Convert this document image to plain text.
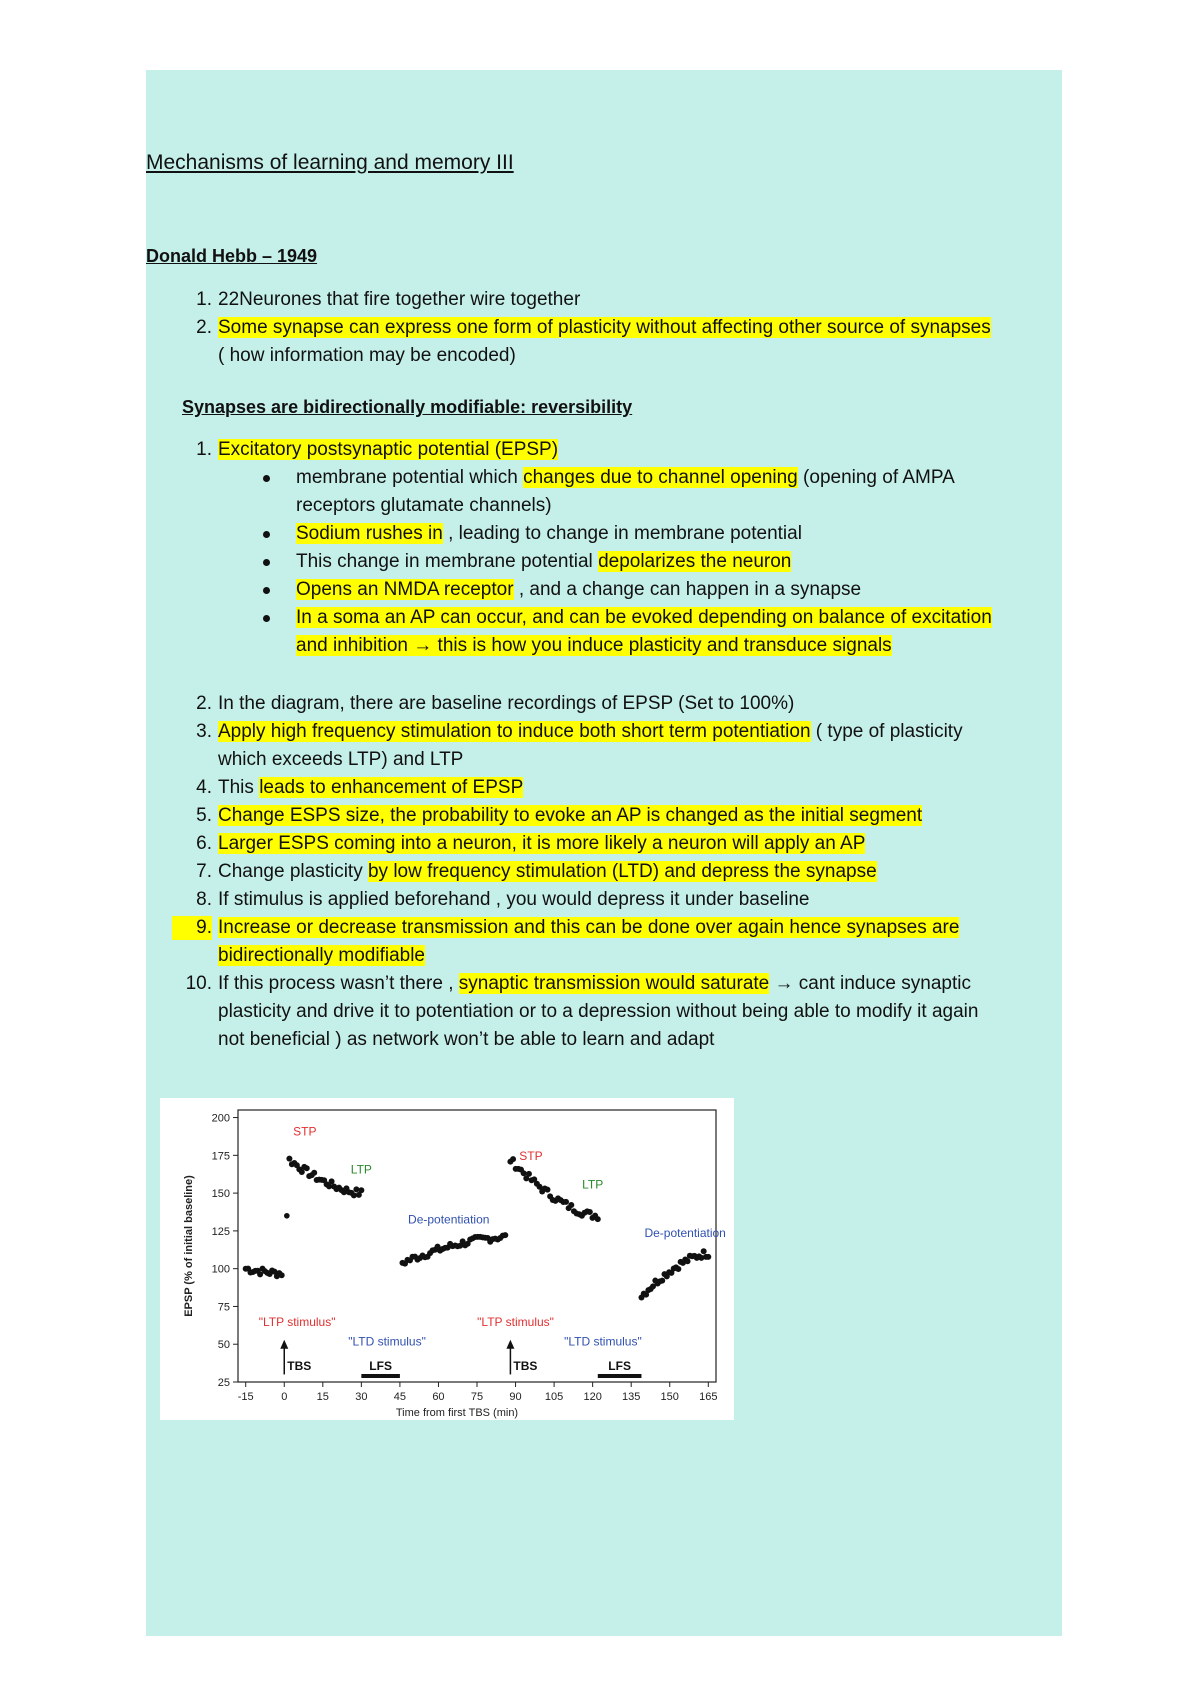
Mechanisms of learning and memory III
Donald Hebb – 1949
1. 22Neurones that fire together wire together
2. Some synapse can express one form of plasticity without affecting other source of synapses
( how information may be encoded)
Synapses are bidirectionally modifiable: reversibility
1. Excitatory postsynaptic potential (EPSP)
membrane potential which changes due to channel opening (opening of AMPA
receptors glutamate channels)
Sodium rushes in , leading to change in membrane potential
This change in membrane potential depolarizes the neuron
Opens an NMDA receptor , and a change can happen in a synapse
In a soma an AP can occur, and can be evoked depending on balance of excitation
and inhibition → this is how you induce plasticity and transduce signals
2. In the diagram, there are baseline recordings of EPSP (Set to 100%)
3. Apply high frequency stimulation to induce both short term potentiation ( type of plasticity
which exceeds LTP) and LTP
4. This leads to enhancement of EPSP
5. Change ESPS size, the probability to evoke an AP is changed as the initial segment
6. Larger ESPS coming into a neuron, it is more likely a neuron will apply an AP
7. Change plasticity by low frequency stimulation (LTD) and depress the synapse
8. If stimulus is applied beforehand , you would depress it under baseline
9. Increase or decrease transmission and this can be done over again hence synapses are
bidirectionally modifiable
10. If this process wasn’t there , synaptic transmission would saturate → cant induce synaptic
plasticity and drive it to potentiation or to a depression without being able to modify it again
not beneficial ) as network won’t be able to learn and adapt
-15	0	15 30 45 60 75 90 105 120 135 150 165
25
50
75
100
125
150
175
200
Time from first TBS (min)
EPSP (% of initial baseline)
STP
LTP
De-potentiation
STP
LTP
De-potentiation
"LTP stimulus"
"LTD stimulus"
"LTP stimulus"
"LTD stimulus"
TBS	LFS	TBS	LFS
